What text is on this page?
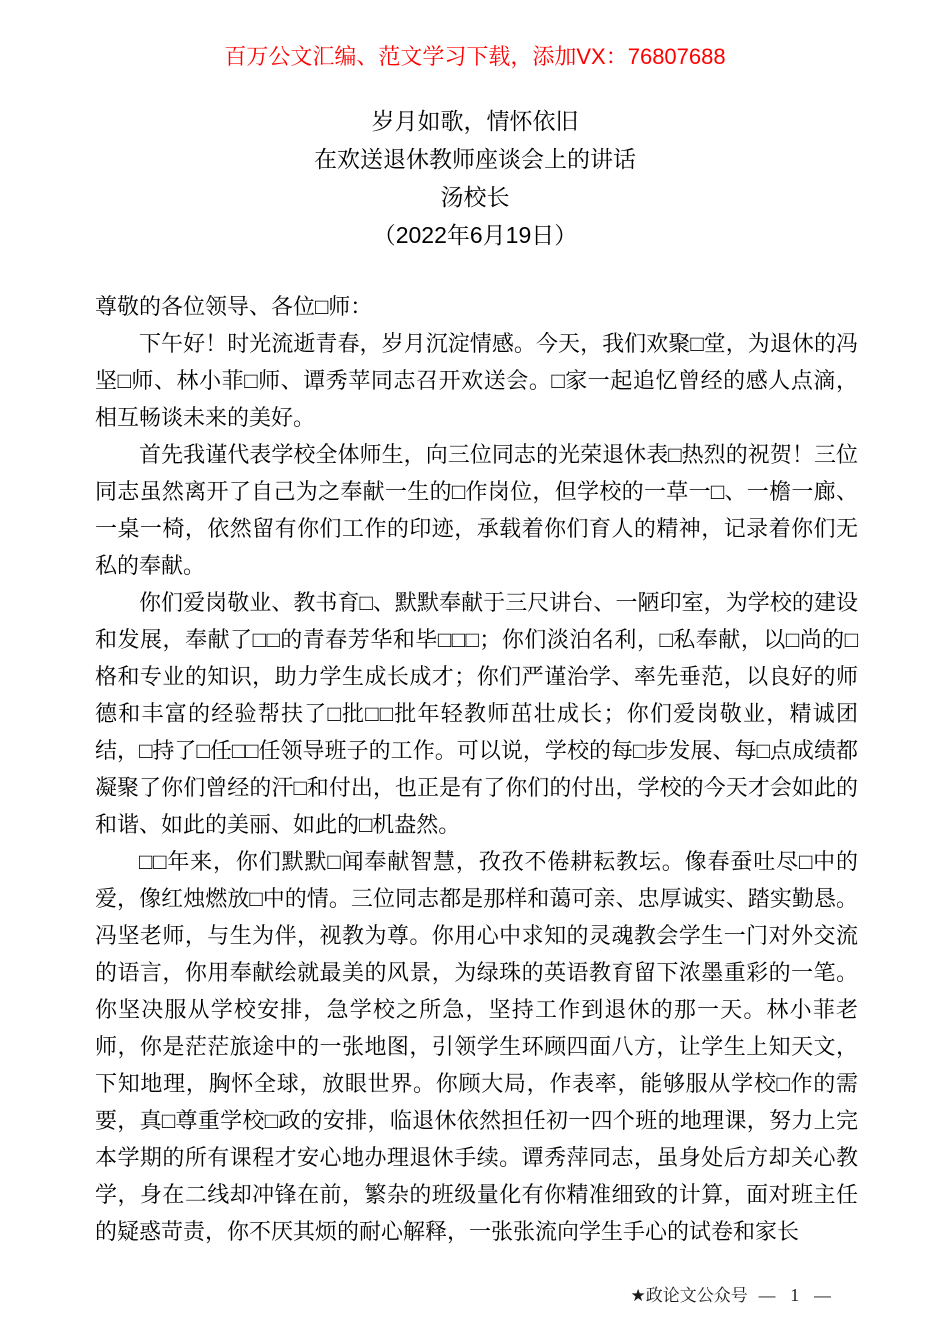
百万公文汇编、范文学习下载，添加VX：76807688
岁月如歌，情怀依旧
在欢送退休教师座谈会上的讲话
汤校长
（2022年6月19日）

尊敬的各位领导、各位□师：

下午好！时光流逝青春，岁月沉淀情感。今天，我们欢聚□堂，为退休的冯坚□师、林小菲□师、谭秀苹同志召开欢送会。□家一起追忆曾经的感人点滴，相互畅谈未来的美好。

首先我谨代表学校全体师生，向三位同志的光荣退休表□热烈的祝贺！三位同志虽然离开了自己为之奉献一生的□作岗位，但学校的一草一□、一檐一廊、一桌一椅，依然留有你们工作的印迹，承载着你们育人的精神，记录着你们无私的奉献。

你们爱岗敬业、教书育□、默默奉献于三尺讲台、一陋印室，为学校的建设和发展，奉献了□□的青春芳华和毕□□□；你们淡泊名利，□私奉献，以□尚的□格和专业的知识，助力学生成长成才；你们严谨治学、率先垂范，以良好的师德和丰富的经验帮扶了□批□□批年轻教师茁壮成长；你们爱岗敬业，精诚团结，□持了□任□□任领导班子的工作。可以说，学校的每□步发展、每□点成绩都凝聚了你们曾经的汗□和付出，也正是有了你们的付出，学校的今天才会如此的和谐、如此的美丽、如此的□机盎然。

□□年来，你们默默□闻奉献智慧，孜孜不倦耕耘教坛。像春蚕吐尽□中的爱，像红烛燃放□中的情。三位同志都是那样和蔼可亲、忠厚诚实、踏实勤恳。冯坚老师，与生为伴，视教为尊。你用心中求知的灵魂教会学生一门对外交流的语言，你用奉献绘就最美的风景，为绿珠的英语教育留下浓墨重彩的一笔。你坚决服从学校安排，急学校之所急，坚持工作到退休的那一天。林小菲老师，你是茫茫旅途中的一张地图，引领学生环顾四面八方，让学生上知天文，下知地理，胸怀全球，放眼世界。你顾大局，作表率，能够服从学校□作的需要，真□尊重学校□政的安排，临退休依然担任初一四个班的地理课，努力上完本学期的所有课程才安心地办理退休手续。谭秀萍同志，虽身处后方却关心教学，身在二线却冲锋在前，繁杂的班级量化有你精准细致的计算，面对班主任的疑惑苛责，你不厌其烦的耐心解释，一张张流向学生手心的试卷和家长

★政论文公众号 — 1 —
